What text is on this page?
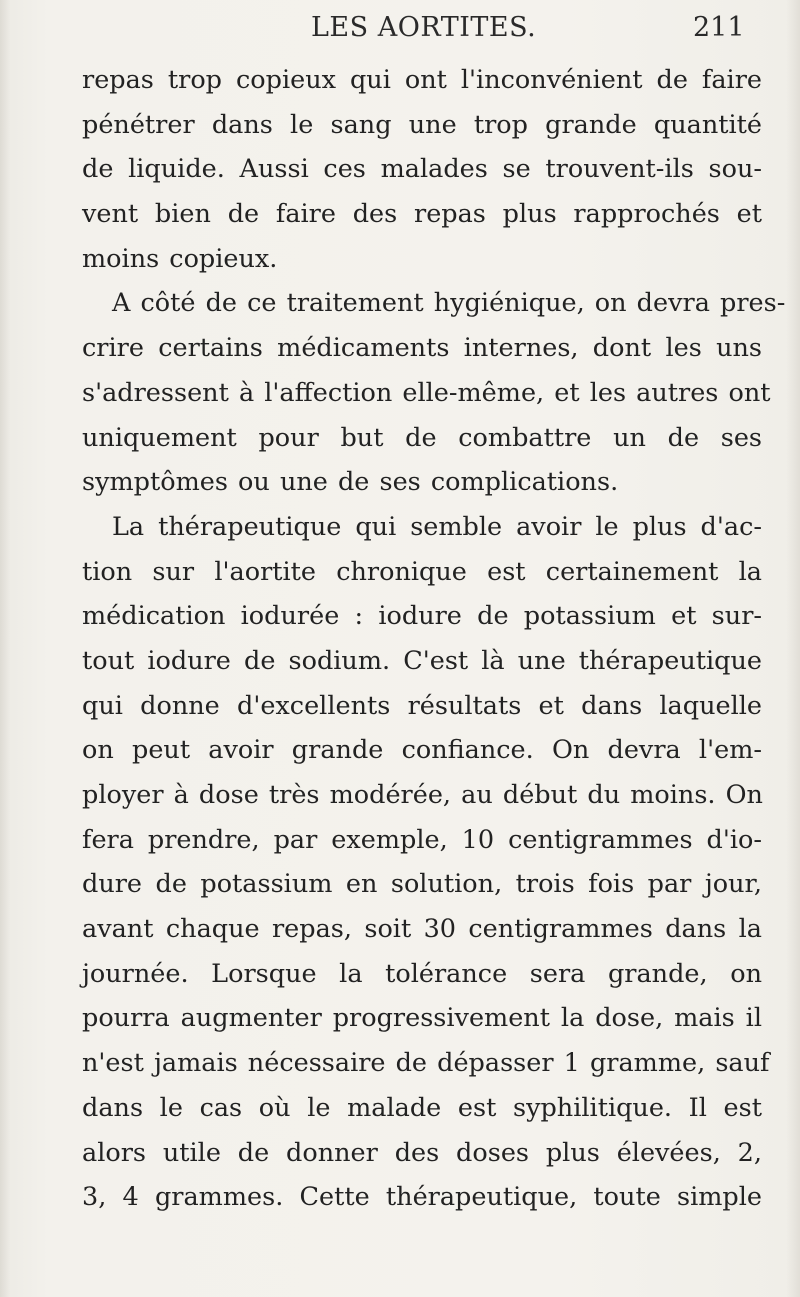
LES AORTITES.	211
repas trop copieux qui ont l'inconvénient de faire
pénétrer dans le sang une trop grande quantité
de liquide. Aussi ces malades se trouvent-ils sou-
vent bien de faire des repas plus rapprochés et
moins copieux.
A côté de ce traitement hygiénique, on devra pres-
crire certains médicaments internes, dont les uns
s'adressent à l'affection elle-même, et les autres ont
uniquement pour but de combattre un de ses
symptômes ou une de ses complications.
La thérapeutique qui semble avoir le plus d'ac-
tion sur l'aortite chronique est certainement la
médication iodurée : iodure de potassium et sur-
tout iodure de sodium. C'est là une thérapeutique
qui donne d'excellents résultats et dans laquelle
on peut avoir grande confiance. On devra l'em-
ployer à dose très modérée, au début du moins. On
fera prendre, par exemple, 10 centigrammes d'io-
dure de potassium en solution, trois fois par jour,
avant chaque repas, soit 30 centigrammes dans la
journée. Lorsque la tolérance sera grande, on
pourra augmenter progressivement la dose, mais il
n'est jamais nécessaire de dépasser 1 gramme, sauf
dans le cas où le malade est syphilitique. Il est
alors utile de donner des doses plus élevées, 2,
3, 4 grammes. Cette thérapeutique, toute simple
